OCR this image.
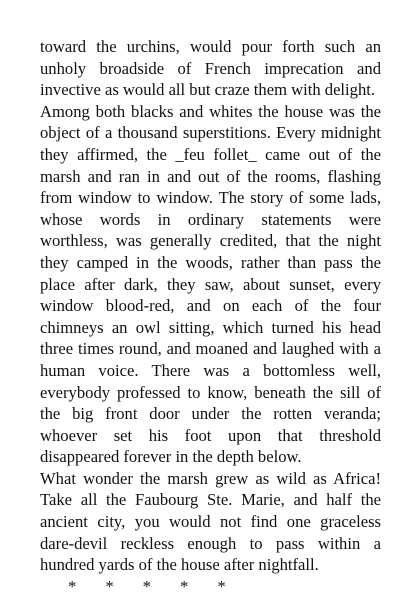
toward the urchins, would pour forth such an unholy broadside of French imprecation and invective as would all but craze them with delight.

Among both blacks and whites the house was the object of a thousand superstitions. Every midnight they affirmed, the _feu follet_ came out of the marsh and ran in and out of the rooms, flashing from window to window. The story of some lads, whose words in ordinary statements were worthless, was generally credited, that the night they camped in the woods, rather than pass the place after dark, they saw, about sunset, every window blood-red, and on each of the four chimneys an owl sitting, which turned his head three times round, and moaned and laughed with a human voice. There was a bottomless well, everybody professed to know, beneath the sill of the big front door under the rotten veranda; whoever set his foot upon that threshold disappeared forever in the depth below.

What wonder the marsh grew as wild as Africa! Take all the Faubourg Ste. Marie, and half the ancient city, you would not find one graceless dare-devil reckless enough to pass within a hundred yards of the house after nightfall.

*       *       *       *       *
